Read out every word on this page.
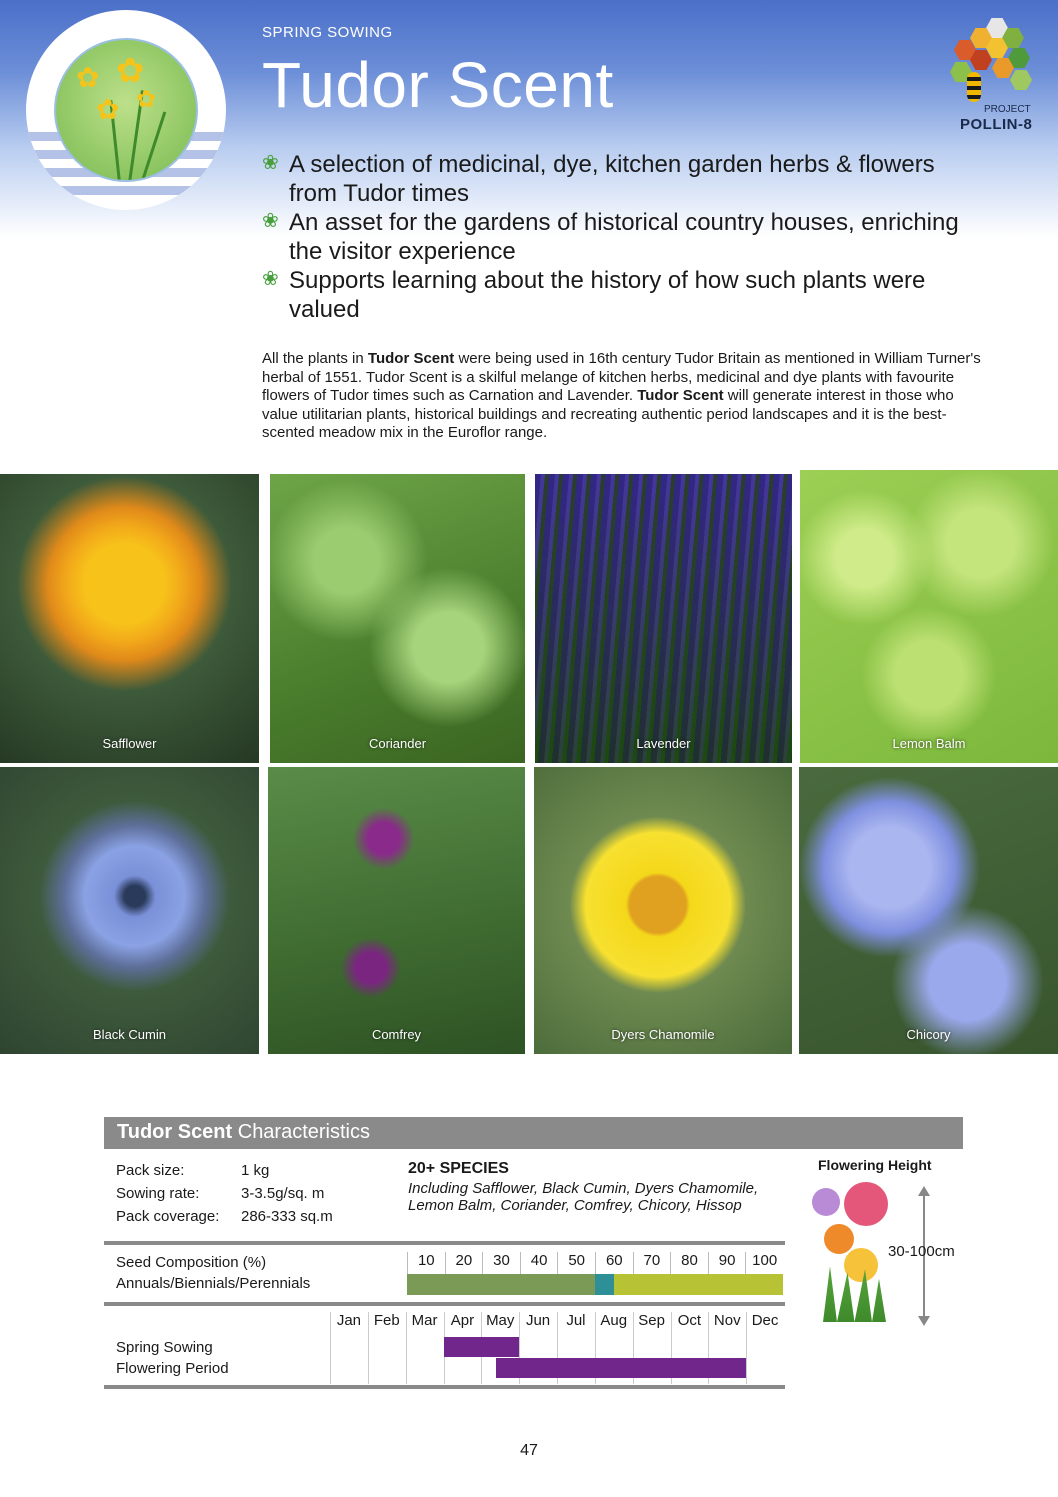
✿ ✿
✿ ✿
SPRING SOWING
Tudor Scent	PROJECT
POLLIN-8
❀ A selection of medicinal, dye, kitchen garden herbs & flowers from Tudor times
❀ An asset for the gardens of historical country houses, enriching the visitor experience
❀ Supports learning about the history of how such plants were valued

All the plants in Tudor Scent were being used in 16th century Tudor Britain as mentioned in William Turner's herbal of 1551. Tudor Scent is a skilful melange of kitchen herbs, medicinal and dye plants with favourite flowers of Tudor times such as Carnation and Lavender. Tudor Scent will generate interest in those who value utilitarian plants, historical buildings and recreating authentic period landscapes and it is the best-scented meadow mix in the Euroflor range.

Safflower	Coriander	Lavender	Lemon Balm
Black Cumin	Comfrey	Dyers Chamomile	Chicory
Tudor Scent Characteristics
Pack size:	1 kg
Sowing rate:	3-3.5g/sq. m
Pack coverage:	286-333 sq.m
20+ SPECIES
Including Safflower, Black Cumin, Dyers Chamomile, Lemon Balm, Coriander, Comfrey, Chicory, Hissop
Seed Composition (%)
Annuals/Biennials/Perennials
10	20	30	40	50	60	70	80	90	100
Jan Feb Mar Apr May Jun	Jul Aug Sep Oct Nov Dec
Spring Sowing
Flowering Period
Flowering Height
30-100cm
47
